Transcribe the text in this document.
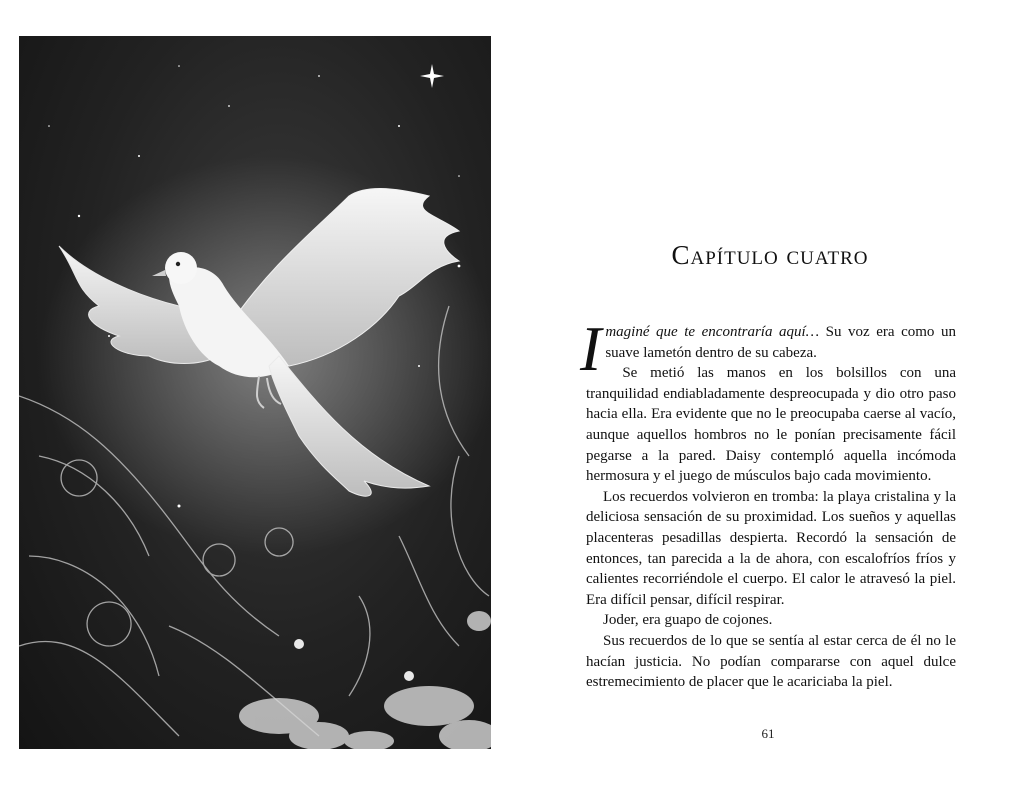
Capítulo cuatro

Imaginé que te encontraría aquí… Su voz era como un suave lametón dentro de su cabeza.

Se metió las manos en los bolsillos con una tranquilidad endiabladamente despreocupada y dio otro paso hacia ella. Era evidente que no le preocupaba caerse al vacío, aunque aquellos hombros no le ponían precisamente fácil pegarse a la pared. Daisy contempló aquella incómoda hermosura y el juego de músculos bajo cada movimiento.

Los recuerdos volvieron en tromba: la playa cristalina y la deliciosa sensación de su proximidad. Los sueños y aquellas placenteras pesadillas despierta. Recordó la sensación de entonces, tan parecida a la de ahora, con escalofríos fríos y calientes recorriéndole el cuerpo. El calor le atravesó la piel. Era difícil pensar, difícil respirar.

Joder, era guapo de cojones.

Sus recuerdos de lo que se sentía al estar cerca de él no le hacían justicia. No podían compararse con aquel dulce estremecimiento de placer que le acariciaba la piel.

61
